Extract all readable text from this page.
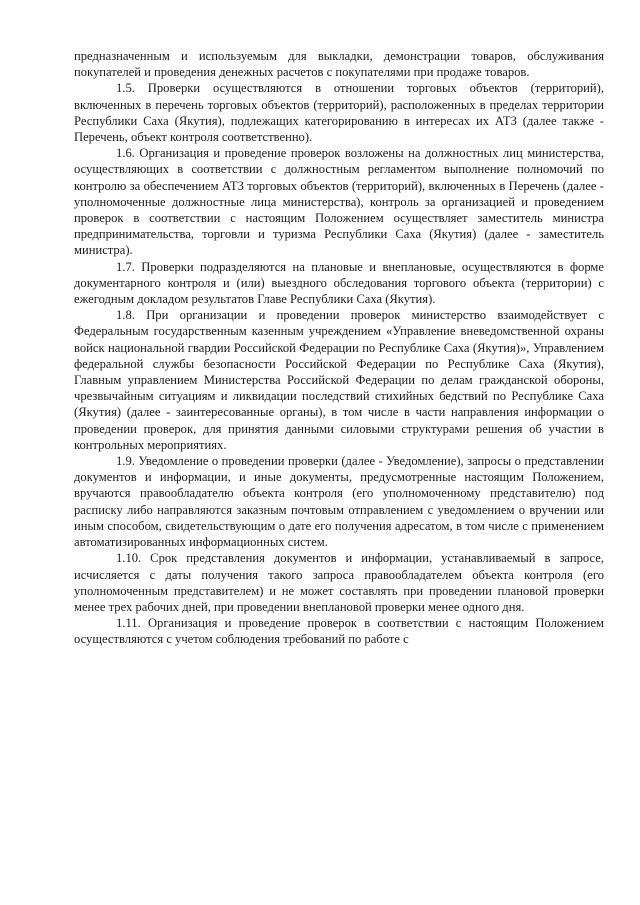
предназначенным и используемым для выкладки, демонстрации товаров, обслуживания покупателей и проведения денежных расчетов с покупателями при продаже товаров.

1.5. Проверки осуществляются в отношении торговых объектов (территорий), включенных в перечень торговых объектов (территорий), расположенных в пределах территории Республики Саха (Якутия), подлежащих категорированию в интересах их АТЗ (далее также - Перечень, объект контроля соответственно).

1.6. Организация и проведение проверок возложены на должностных лиц министерства, осуществляющих в соответствии с должностным регламентом выполнение полномочий по контролю за обеспечением АТЗ торговых объектов (территорий), включенных в Перечень (далее - уполномоченные должностные лица министерства), контроль за организацией и проведением проверок в соответствии с настоящим Положением осуществляет заместитель министра предпринимательства, торговли и туризма Республики Саха (Якутия) (далее - заместитель министра).

1.7. Проверки подразделяются на плановые и внеплановые, осуществляются в форме документарного контроля и (или) выездного обследования торгового объекта (территории) с ежегодным докладом результатов Главе Республики Саха (Якутия).

1.8. При организации и проведении проверок министерство взаимодействует с Федеральным государственным казенным учреждением «Управление вневедомственной охраны войск национальной гвардии Российской Федерации по Республике Саха (Якутия)», Управлением федеральной службы безопасности Российской Федерации по Республике Саха (Якутия), Главным управлением Министерства Российской Федерации по делам гражданской обороны, чрезвычайным ситуациям и ликвидации последствий стихийных бедствий по Республике Саха (Якутия) (далее - заинтересованные органы), в том числе в части направления информации о проведении проверок, для принятия данными силовыми структурами решения об участии в контрольных мероприятиях.

1.9. Уведомление о проведении проверки (далее - Уведомление), запросы о представлении документов и информации, и иные документы, предусмотренные настоящим Положением, вручаются правообладателю объекта контроля (его уполномоченному представителю) под расписку либо направляются заказным почтовым отправлением с уведомлением о вручении или иным способом, свидетельствующим о дате его получения адресатом, в том числе с применением автоматизированных информационных систем.

1.10. Срок представления документов и информации, устанавливаемый в запросе, исчисляется с даты получения такого запроса правообладателем объекта контроля (его уполномоченным представителем) и не может составлять при проведении плановой проверки менее трех рабочих дней, при проведении внеплановой проверки менее одного дня.

1.11. Организация и проведение проверок в соответствии с настоящим Положением осуществляются с учетом соблюдения требований по работе с
